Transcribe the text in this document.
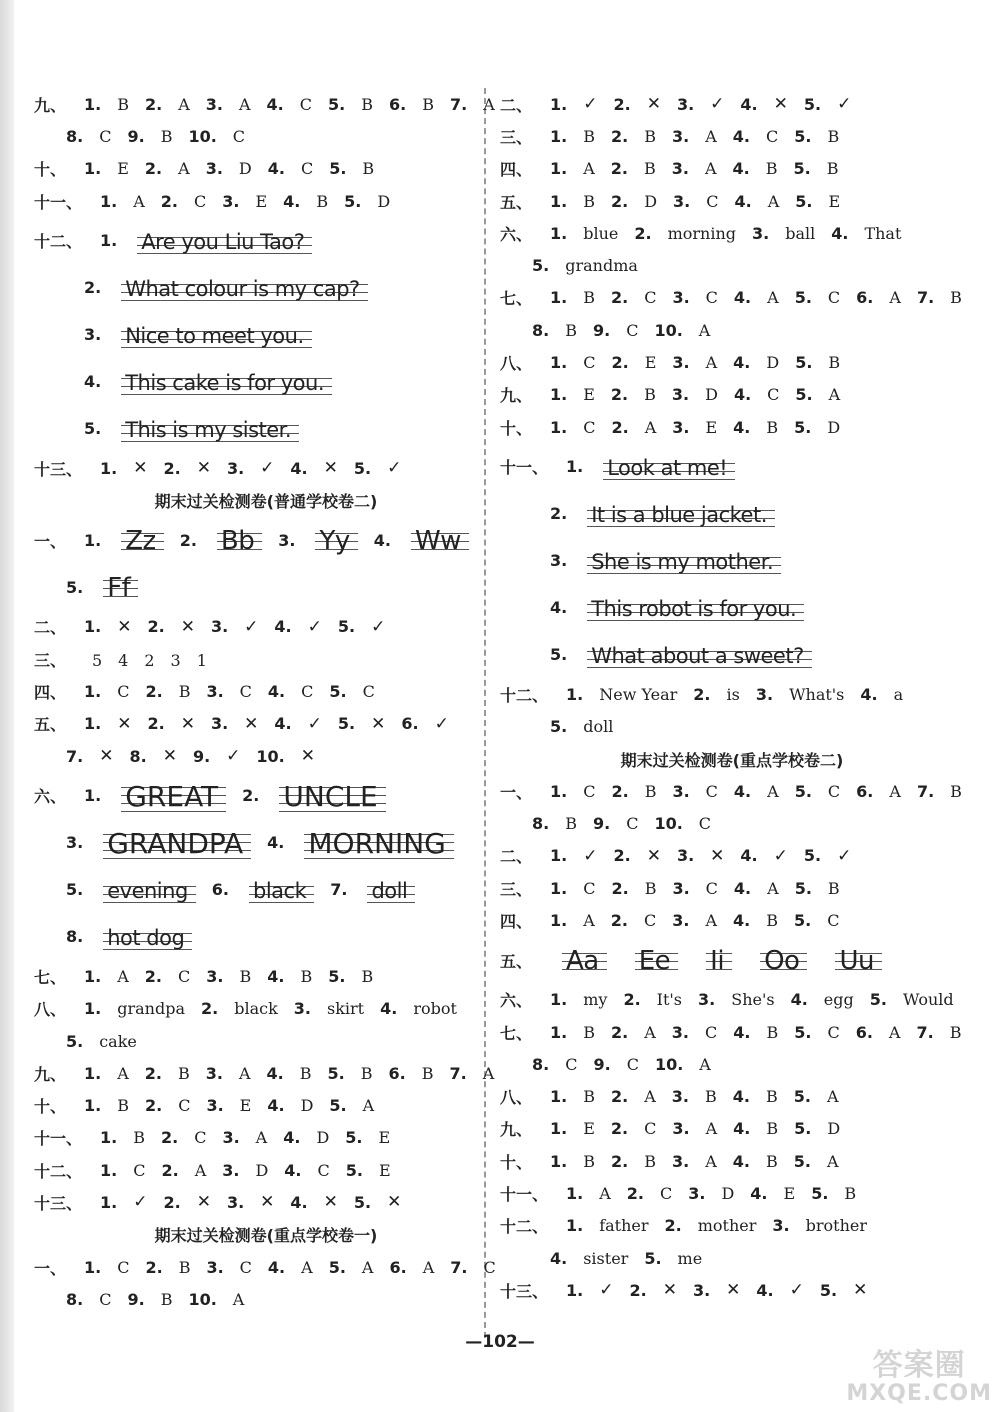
九、	1. B 2. A 3. A 4. C 5. B 6. B 7. A
8. C 9. B 10. C
十、	1. E 2. A 3. D 4. C 5. B
十一、	1. A 2. C 3. E 4. B 5. D
十二、	1. Are you Liu Tao?
2. What colour is my cap?
3. Nice to meet you.
4. This cake is for you.
5. This is my sister.
十三、	1. ✕ 2. ✕ 3. ✓ 4. ✕ 5. ✓
期末过关检测卷(普通学校卷二)
一、	1. Zz	2. Bb	3. Yy	4. Ww
5. Ff
二、	1. ✕ 2. ✕ 3. ✓ 4. ✓ 5. ✓
三、	5　4　2　3　1
四、	1. C 2. B 3. C 4. C 5. C
五、	1. ✕ 2. ✕ 3. ✕ 4. ✓ 5. ✕ 6. ✓
7. ✕ 8. ✕ 9. ✓ 10. ✕
六、	1. GREAT	2. UNCLE
3. GRANDPA	4. MORNING
5. evening	6. black	7. doll
8. hot dog
七、	1. A 2. C 3. B 4. B 5. B
八、	1. grandpa 2. black 3. skirt 4. robot
5. cake
九、	1. A 2. B 3. A 4. B 5. B 6. B 7. A
十、	1. B 2. C 3. E 4. D 5. A
十一、	1. B 2. C 3. A 4. D 5. E
十二、	1. C 2. A 3. D 4. C 5. E
十三、	1. ✓ 2. ✕ 3. ✕ 4. ✕ 5. ✕
期末过关检测卷(重点学校卷一)
一、	1. C 2. B 3. C 4. A 5. A 6. A 7. C
8. C 9. B 10. A
二、	1. ✓ 2. ✕ 3. ✓ 4. ✕ 5. ✓
三、	1. B 2. B 3. A 4. C 5. B
四、	1. A 2. B 3. A 4. B 5. B
五、	1. B 2. D 3. C 4. A 5. E
六、	1. blue 2. morning 3. ball 4. That
5. grandma
七、	1. B 2. C 3. C 4. A 5. C 6. A 7. B
8. B 9. C 10. A
八、	1. C 2. E 3. A 4. D 5. B
九、	1. E 2. B 3. D 4. C 5. A
十、	1. C 2. A 3. E 4. B 5. D
十一、	1. Look at me!
2. It is a blue jacket.
3. She is my mother.
4. This robot is for you.
5. What about a sweet?
十二、	1. New Year 2. is 3. What's 4. a
5. doll
期末过关检测卷(重点学校卷二)
一、	1. C 2. B 3. C 4. A 5. C 6. A 7. B
8. B 9. C 10. C
二、	1. ✓ 2. ✕ 3. ✕ 4. ✓ 5. ✓
三、	1. C 2. B 3. C 4. A 5. B
四、	1. A 2. C 3. A 4. B 5. C
五、	Aa	Ee	Ii	Oo	Uu
六、	1. my 2. It's 3. She's 4. egg 5. Would
七、	1. B 2. A 3. C 4. B 5. C 6. A 7. B
8. C 9. C 10. A
八、	1. B 2. A 3. B 4. B 5. A
九、	1. E 2. C 3. A 4. B 5. D
十、	1. B 2. B 3. A 4. B 5. A
十一、	1. A 2. C 3. D 4. E 5. B
十二、	1. father 2. mother 3. brother
4. sister 5. me
十三、	1. ✓ 2. ✕ 3. ✕ 4. ✓ 5. ✕
—102—
答案圈
MXQE.COM
